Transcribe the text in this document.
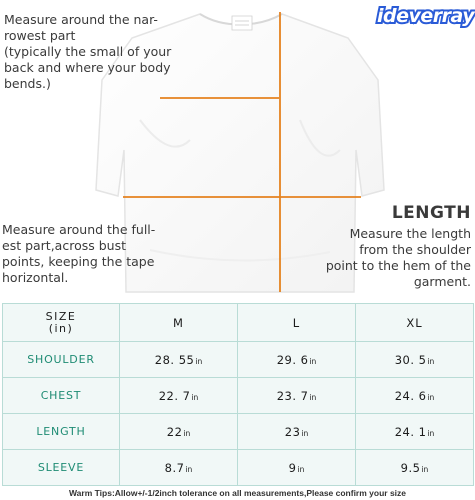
ideverray
Measure around the nar-
rowest part
(typically the small of your
back and where your body
bends.)
Measure around the full-
est part,across bust
points, keeping the tape
horizontal.
LENGTH
Measure the length
from the shoulder
point to the hem of the
garment.
SIZE
(in)	M	L	XL
SHOULDER	28. 55in	29. 6in	30. 5in
CHEST	22. 7in	23. 7in	24. 6in
LENGTH	22in	23in	24. 1in
SLEEVE	8.7in	9in	9.5in
Warm Tips:Allow+/-1/2inch tolerance on all measurements,Please confirm your size
